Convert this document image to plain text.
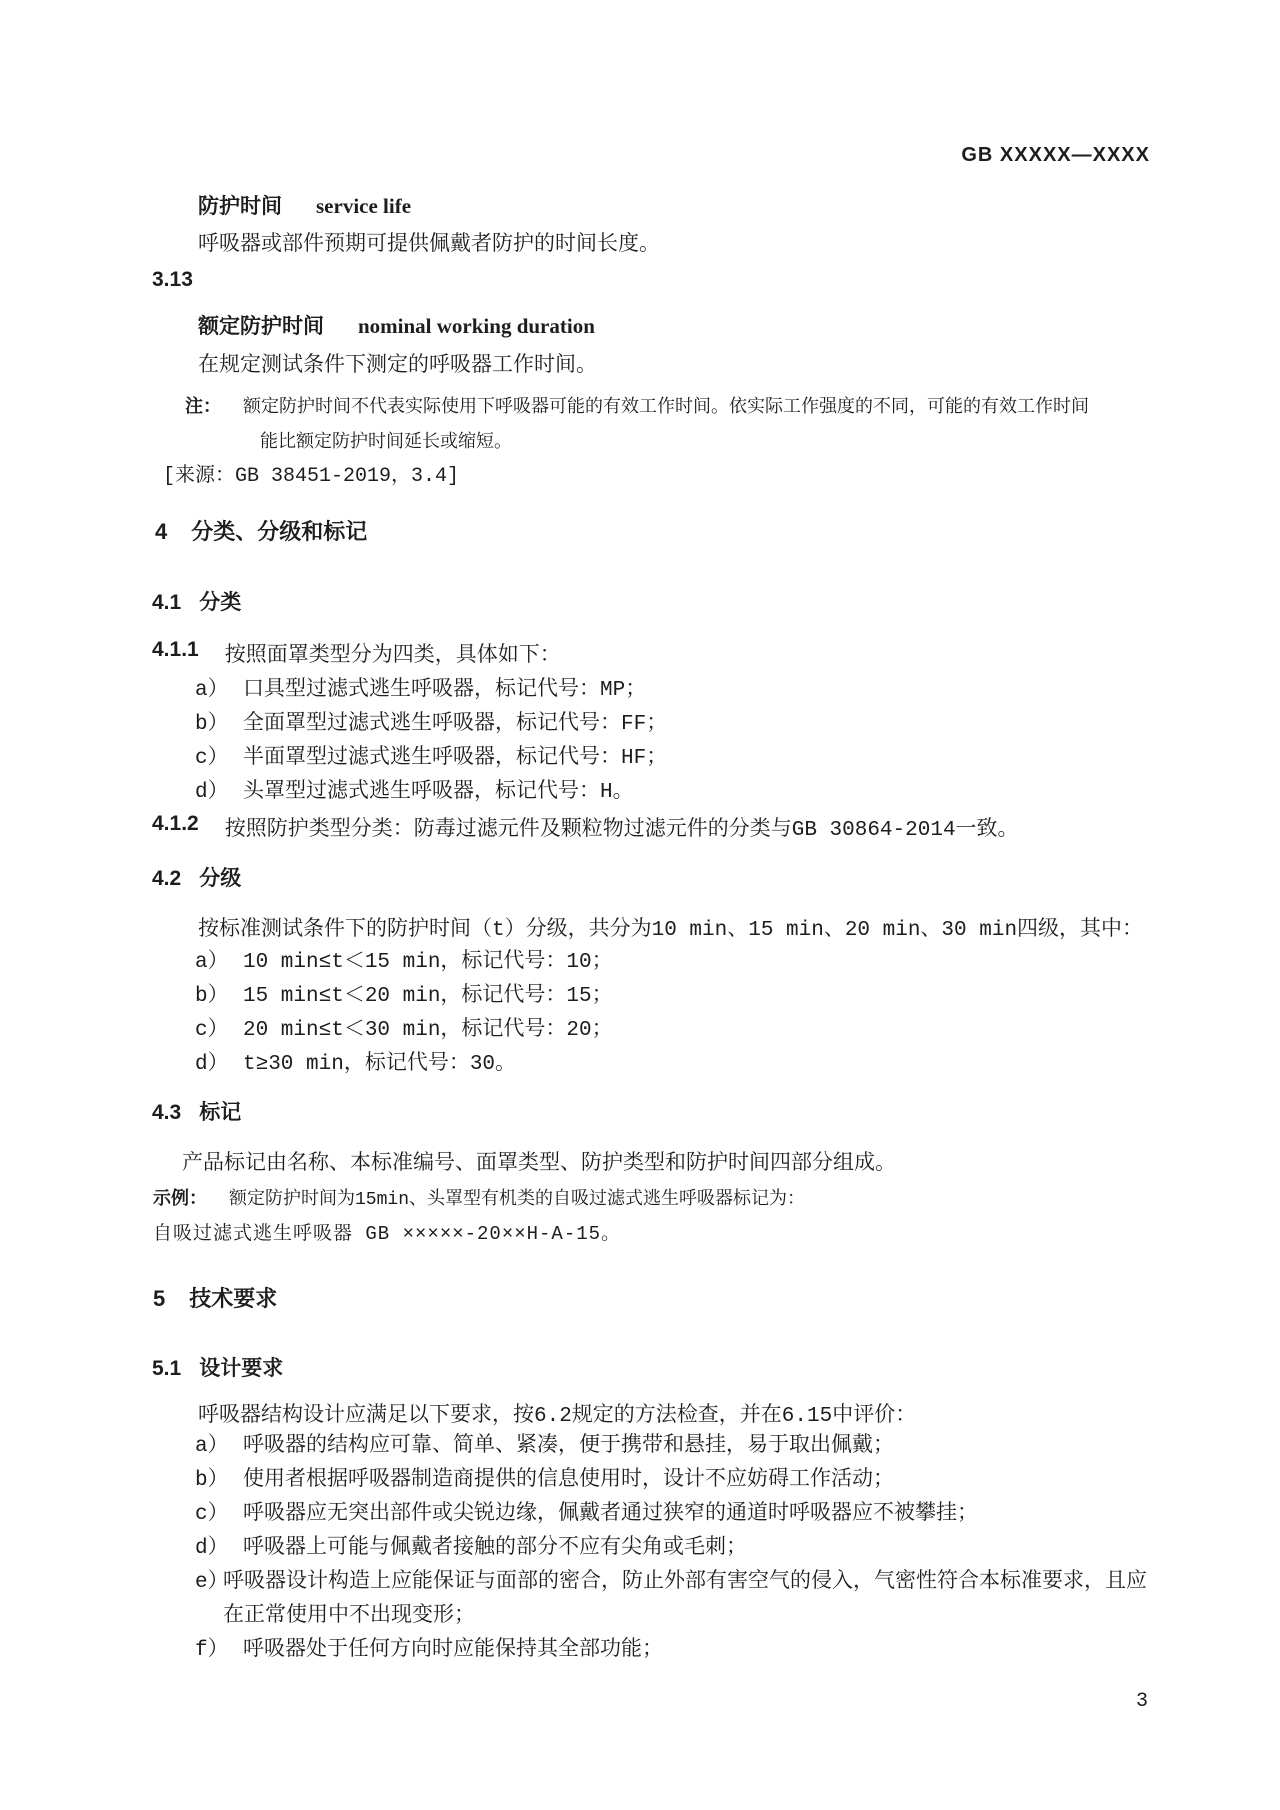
GB XXXXX—XXXX
防护时间 service life
呼吸器或部件预期可提供佩戴者防护的时间长度。
3.13
额定防护时间 nominal working duration
在规定测试条件下测定的呼吸器工作时间。
注：	额定防护时间不代表实际使用下呼吸器可能的有效工作时间。依实际工作强度的不同，可能的有效工作时间
能比额定防护时间延长或缩短。
[来源：GB 38451-2019，3.4]
4 分类、分级和标记
4.1 分类
4.1.1 按照面罩类型分为四类，具体如下：
a） 口具型过滤式逃生呼吸器，标记代号：MP；
b） 全面罩型过滤式逃生呼吸器，标记代号：FF；
c） 半面罩型过滤式逃生呼吸器，标记代号：HF；
d） 头罩型过滤式逃生呼吸器，标记代号：H。
4.1.2 按照防护类型分类：防毒过滤元件及颗粒物过滤元件的分类与GB 30864-2014一致。
4.2 分级
按标准测试条件下的防护时间（t）分级，共分为10 min、15 min、20 min、30 min四级，其中：
a） 10 min≤t＜15 min，标记代号：10；
b） 15 min≤t＜20 min，标记代号：15；
c） 20 min≤t＜30 min，标记代号：20；
d） t≥30 min，标记代号：30。
4.3 标记
产品标记由名称、本标准编号、面罩类型、防护类型和防护时间四部分组成。
示例： 额定防护时间为15min、头罩型有机类的自吸过滤式逃生呼吸器标记为：
自吸过滤式逃生呼吸器 GB ×××××-20××H-A-15。
5 技术要求
5.1 设计要求
呼吸器结构设计应满足以下要求，按6.2规定的方法检查，并在6.15中评价：
a） 呼吸器的结构应可靠、简单、紧凑，便于携带和悬挂，易于取出佩戴；
b） 使用者根据呼吸器制造商提供的信息使用时，设计不应妨碍工作活动；
c） 呼吸器应无突出部件或尖锐边缘，佩戴者通过狭窄的通道时呼吸器应不被攀挂；
d） 呼吸器上可能与佩戴者接触的部分不应有尖角或毛刺；
e）
呼吸器设计构造上应能保证与面部的密合，防止外部有害空气的侵入，气密性符合本标准要求，且应在正常使用中不出现变形；
f） 呼吸器处于任何方向时应能保持其全部功能；
3
